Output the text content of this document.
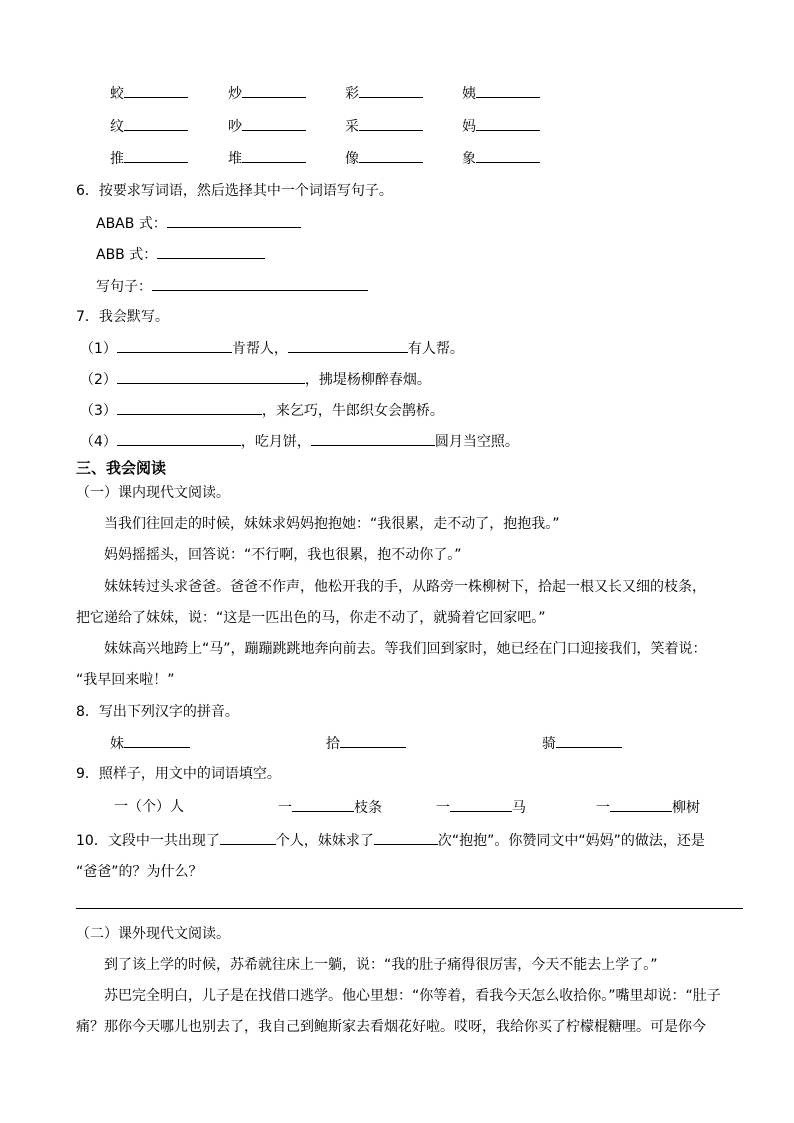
蛟	炒	彩	姨
纹	吵	采	妈
推	堆	像	象
6．按要求写词语，然后选择其中一个词语写句子。
ABAB 式：
ABB 式：
写句子：
7．我会默写。
（1）	肯帮人，	有人帮。
（2）	，拂堤杨柳醉春烟。
（3）	，来乞巧，牛郎织女会鹊桥。
（4）	，吃月饼，	圆月当空照。
三、我会阅读
（一）课内现代文阅读。
当我们往回走的时候，妹妹求妈妈抱抱她：“我很累，走不动了，抱抱我。”
妈妈摇摇头，回答说：“不行啊，我也很累，抱不动你了。”
妹妹转过头求爸爸。爸爸不作声，他松开我的手，从路旁一株柳树下，拾起一根又长又细的枝条，
把它递给了妹妹，说：“这是一匹出色的马，你走不动了，就骑着它回家吧。”
妹妹高兴地跨上“马”，蹦蹦跳跳地奔向前去。等我们回到家时，她已经在门口迎接我们，笑着说：
“我早回来啦！”
8．写出下列汉字的拼音。
妹	拾	骑
9．照样子，用文中的词语填空。
一（个）人	一	枝条	一	马	一	柳树
10．文段中一共出现了	个人，妹妹求了	次“抱抱”。你赞同文中“妈妈”的做法，还是
“爸爸”的？为什么？
（二）课外现代文阅读。
到了该上学的时候，苏希就往床上一躺，说：“我的肚子痛得很厉害，今天不能去上学了。”
苏巴完全明白，儿子是在找借口逃学。他心里想：“你等着，看我今天怎么收拾你。”嘴里却说：“肚子
痛？那你今天哪儿也别去了，我自己到鲍斯家去看烟花好啦。哎呀，我给你买了柠檬棍糖哩。可是你今
